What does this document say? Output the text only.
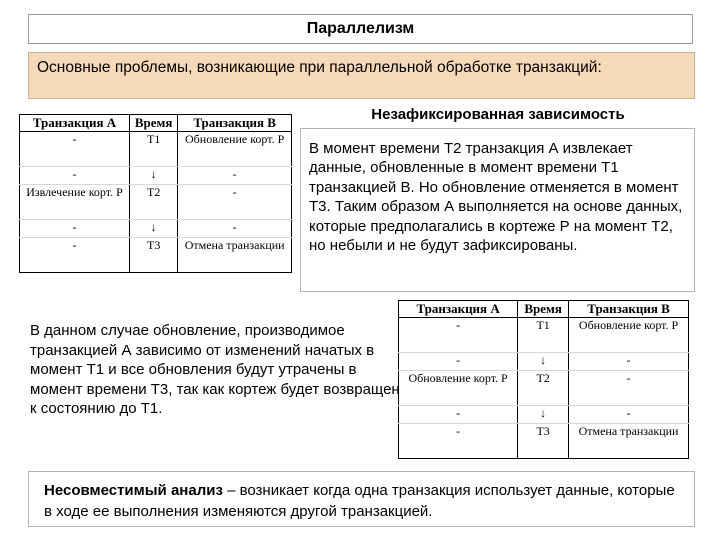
Параллелизм
Основные проблемы, возникающие при параллельной обработке транзакций:
Транзакция А	Время	Транзакция В
-	Т1	Обновление корт. Р
-	↓	-
Извлечение корт. Р	Т2	-
-	↓	-
-	Т3	Отмена транзакции
Незафиксированная зависимость
В момент времени Т2 транзакция А извлекает данные, обновленные в момент времени Т1 транзакцией В. Но обновление отменяется в момент Т3. Таким образом А выполняется на основе данных, которые предполагались в кортеже Р на момент Т2, но небыли и не будут зафиксированы.
Транзакция А	Время	Транзакция В
-	Т1	Обновление корт. Р
-	↓	-
Обновление корт. Р	Т2	-
-	↓	-
-	Т3	Отмена транзакции
В данном случае обновление, производимое транзакцией А зависимо от изменений начатых в момент Т1 и все обновления будут утрачены в момент времени Т3, так как кортеж будет возвращен к состоянию до Т1.
Несовместимый анализ – возникает когда одна транзакция использует данные, которые в ходе ее выполнения изменяются другой транзакцией.
